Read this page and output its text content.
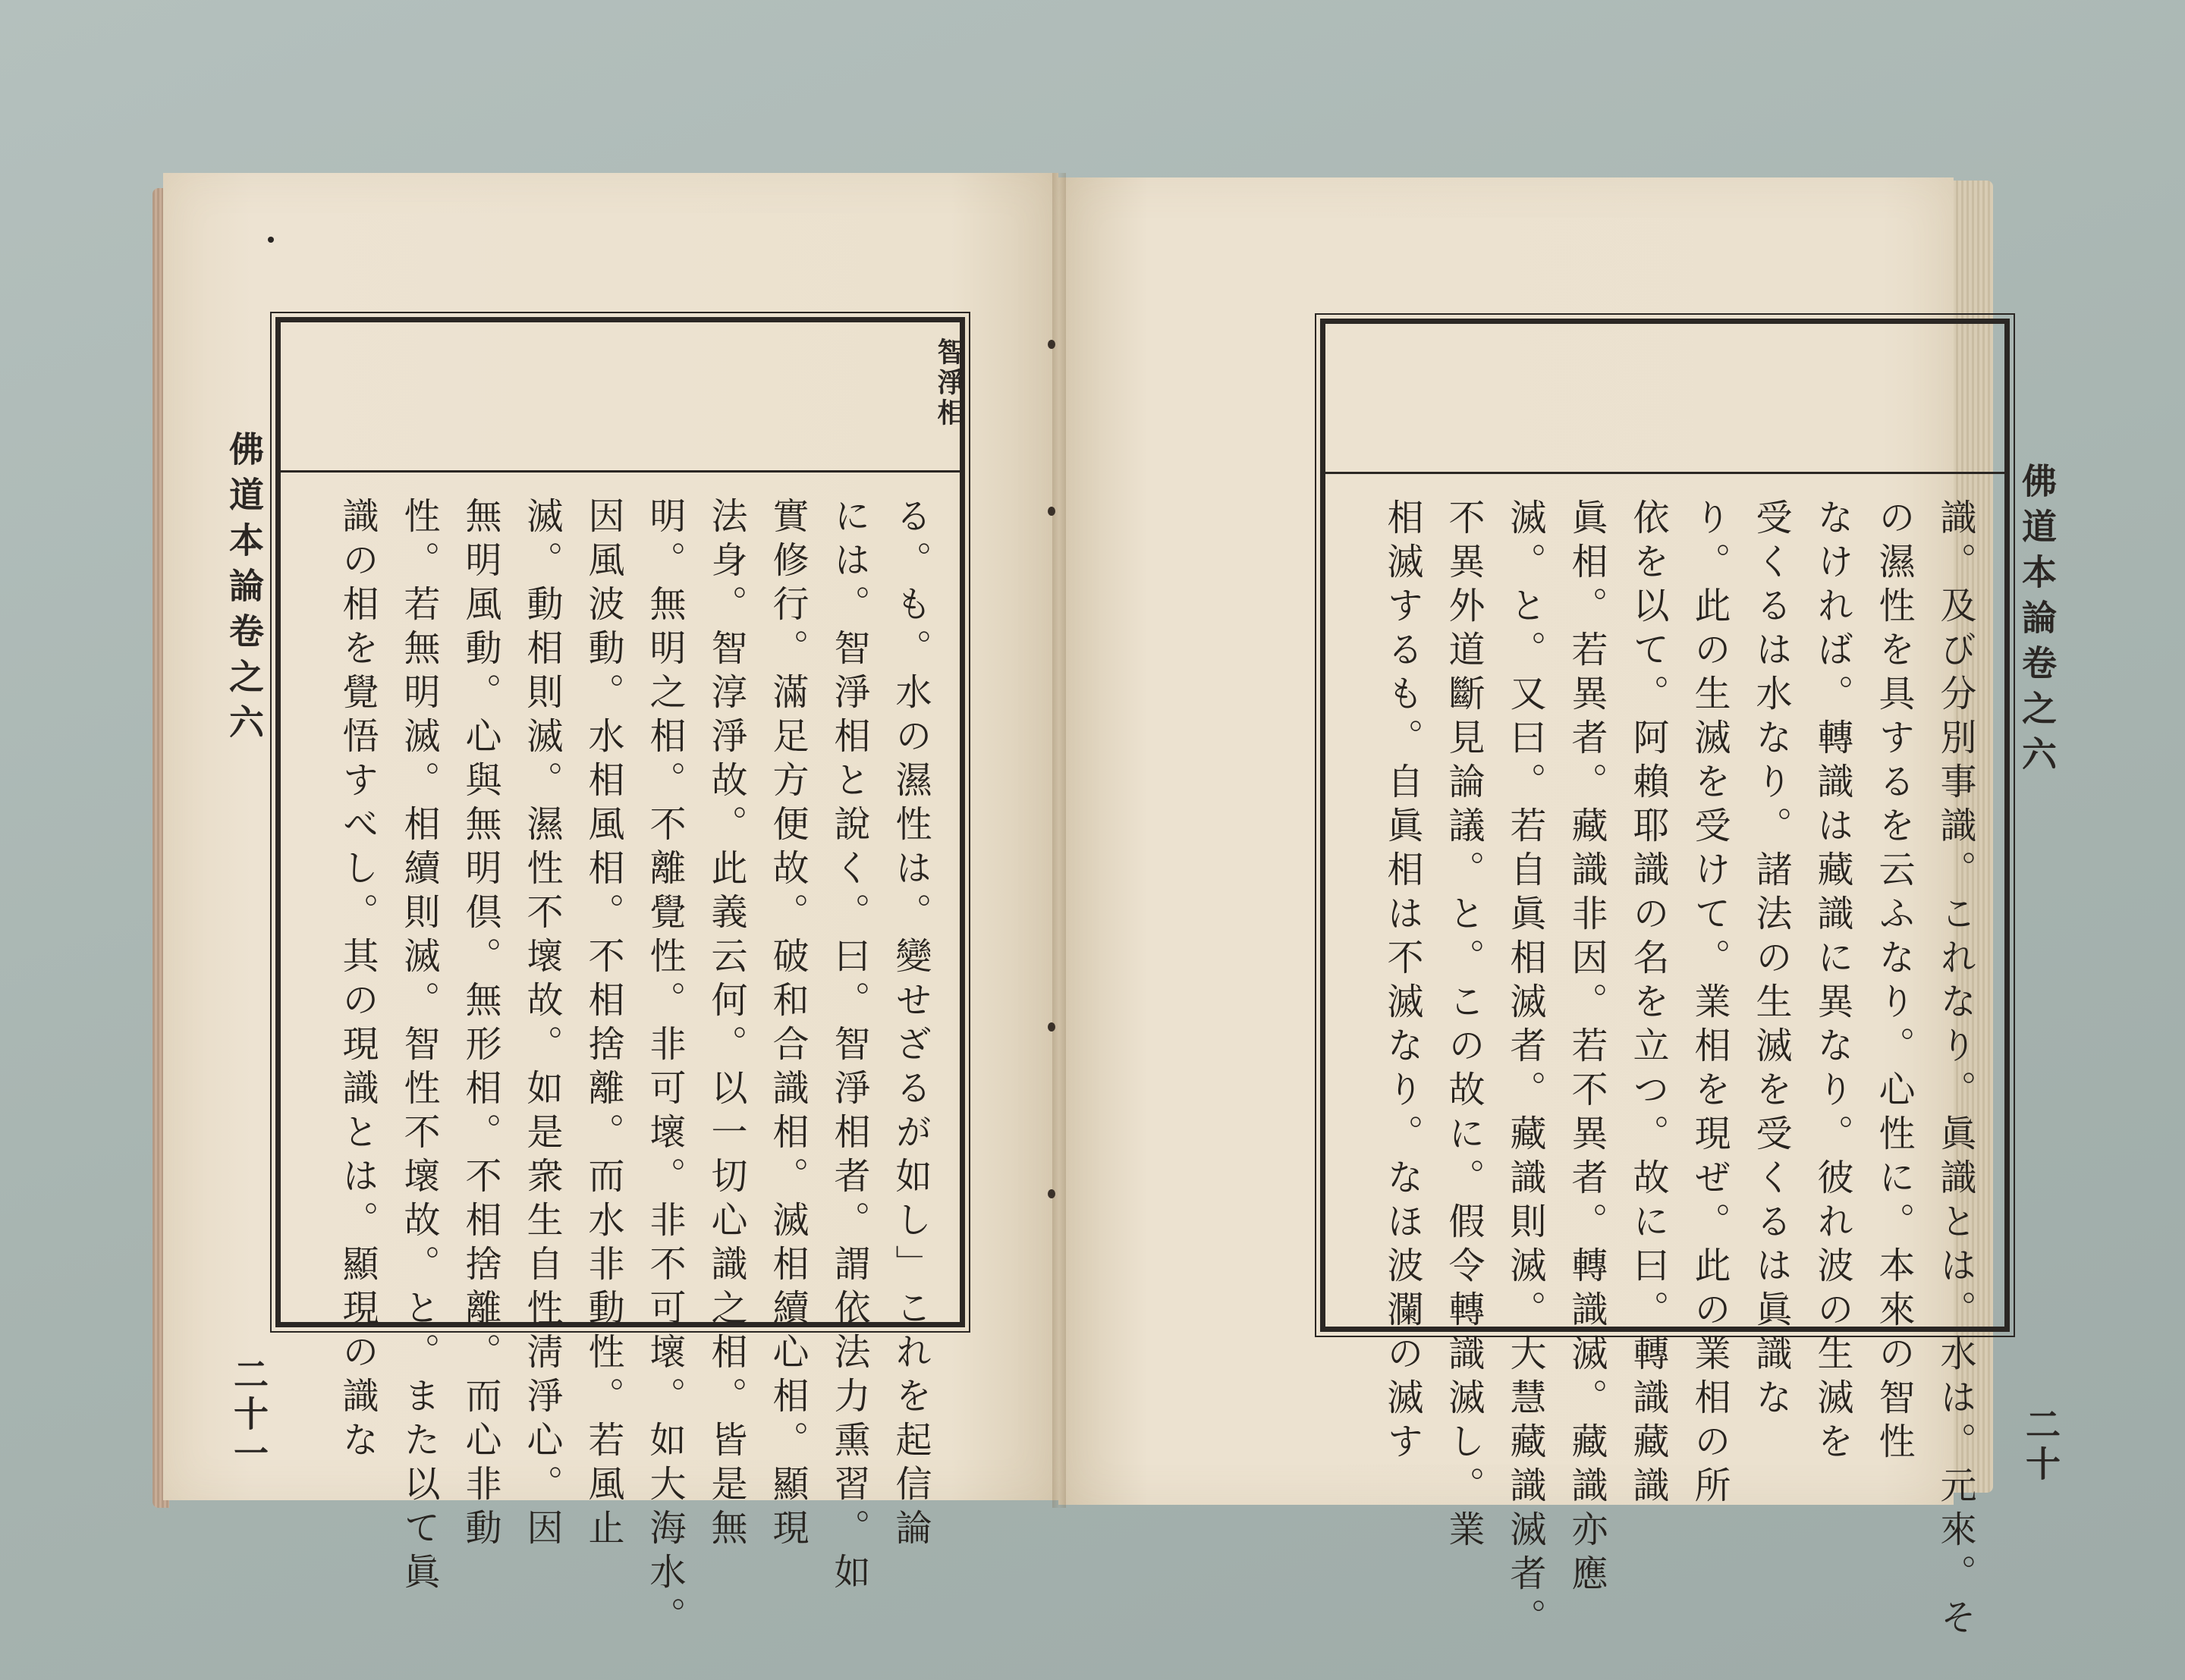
佛道本論卷之六
智淨相
る。も。水の濕性は。變せざるが如し」これを起信論
には。智淨相と說く。曰。智淨相者。謂依法力熏習。如
實修行。滿足方便故。破和合識相。滅相續心相。顯現
法身。智淳淨故。此義云何。以一切心識之相。皆是無
明。無明之相。不離覺性。非可壞。非不可壞。如大海水。
因風波動。水相風相。不相捨離。而水非動性。若風止
滅。動相則滅。濕性不壞故。如是衆生自性淸淨心。因
無明風動。心與無明倶。無形相。不相捨離。而心非動
性。若無明滅。相續則滅。智性不壞故。と。また以て眞
識の相を覺悟すべし。其の現識とは。顯現の識な
二十一	識。及び分別事識。これなり。眞識とは。水は。元來。そ
の濕性を具するを云ふなり。心性に。本來の智性
なければ。轉識は藏識に異なり。彼れ波の生滅を
受くるは水なり。諸法の生滅を受くるは眞識な
り。此の生滅を受けて。業相を現ぜ。此の業相の所
依を以て。阿賴耶識の名を立つ。故に曰。轉識藏識
眞相。若異者。藏識非因。若不異者。轉識滅。藏識亦應
滅。と。又曰。若自眞相滅者。藏識則滅。大慧藏識滅者。
不異外道斷見論議。と。この故に。假令轉識滅し。業
相滅するも。自眞相は不滅なり。なほ波瀾の滅す	佛道本論卷之六
二十
